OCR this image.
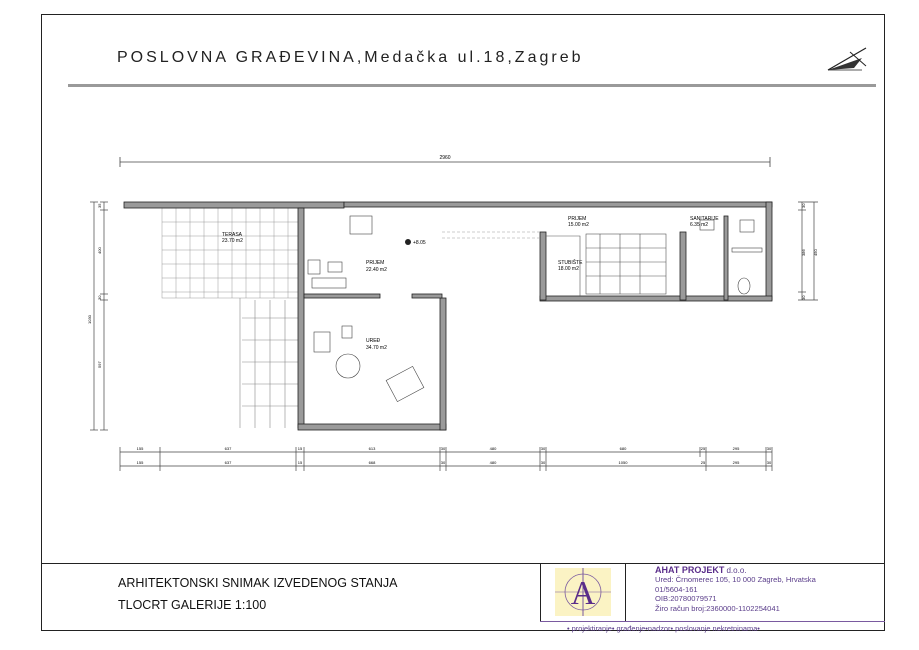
POSLOVNA GRAĐEVINA,Medačka ul.18,Zagreb
2960
TERASA
23.70 m2
PRIJEM
22.40 m2
UREĐ
34.70 m2
PRIJEM
15.00 m2
STUBIŠTE
18.00 m2
SANITARIJE
6.35 m2
+8.05
35
400
30
597
1030
30
386 450
30
155	637	15	613	30	480	30	680	25	295	30
155	637	15	668	30	480	30	1050	25	295	30
ARHITEKTONSKI SNIMAK IZVEDENOG STANJA
TLOCRT GALERIJE 1:100	A
AHAT PROJEKT d.o.o.
Ured: Črnomerec 105, 10 000 Zagreb, Hrvatska
01/5604-161
OIB:20780079571
Žiro račun broj:2360000-1102254041
• projektiranje• građenje•nadzor• poslovanje nekretninama•
